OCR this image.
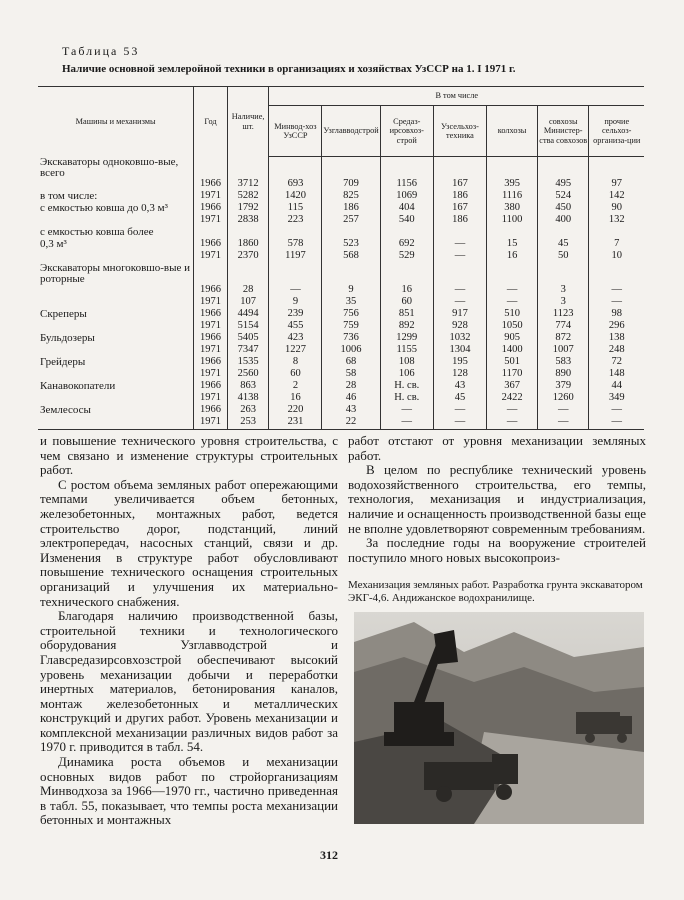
Таблица 53
Наличие основной землеройной техники в организациях и хозяйствах УзССР на 1. I 1971 г.
Машины и механизмы	Год	Наличие, шт.	В том числе						
			Минвод-хоз УзССР	Узглавводстрой	Средаз-ирсовхоз-строй	Узсельхоз-техника	колхозы	совхозы Министер-ства совхозов	прочие сельхоз-организа-ции
Экскаваторы одноковшо-вые, всего									
	1966	3712	693	709	1156	167	395	495	97
в том числе:	1971	5282	1420	825	1069	186	1116	524	142
с емкостью ковша до 0,3 м³	1966	1792	115	186	404	167	380	450	90
	1971	2838	223	257	540	186	1100	400	132
с емкостью ковша более									
0,3 м³	1966	1860	578	523	692	—	15	45	7
	1971	2370	1197	568	529	—	16	50	10
Экскаваторы многоковшо-вые и роторные									
	1966	28	—	9	16	—	—	3	—
	1971	107	9	35	60	—	—	3	—
Скреперы	1966	4494	239	756	851	917	510	1123	98
	1971	5154	455	759	892	928	1050	774	296
Бульдозеры	1966	5405	423	736	1299	1032	905	872	138
	1971	7347	1227	1006	1155	1304	1400	1007	248
Грейдеры	1966	1535	8	68	108	195	501	583	72
	1971	2560	60	58	106	128	1170	890	148
Канавокопатели	1966	863	2	28	Н. св.	43	367	379	44
	1971	4138	16	46	Н. св.	45	2422	1260	349
Землесосы	1966	263	220	43	—	—	—	—	—
	1971	253	231	22	—	—	—	—	—

и повышение технического уровня строительства, с чем связано и изменение структуры строительных работ.

С ростом объема земляных работ опережающими темпами увеличивается объем бетонных, железобетонных, монтажных работ, ведется строительство дорог, подстанций, линий электропередач, насосных станций, связи и др. Изменения в структуре работ обусловливают повышение технического оснащения строительных организаций и улучшения их материально-технического снабжения.

Благодаря наличию производственной базы, строительной техники и технологического оборудования Узглавводстрой и Главсредазирсовхозстрой обеспечивают высокий уровень механизации добычи и переработки инертных материалов, бетонирования каналов, монтаж железобетонных и металлических конструкций и других работ. Уровень механизации и комплексной механизации различных видов работ за 1970 г. приводится в табл. 54.

Динамика роста объемов и механизации основных видов работ по стройорганизациям Минводхоза за 1966—1970 гг., частично приведенная в табл. 55, показывает, что темпы роста механизации бетонных и монтажных

работ отстают от уровня механизации земляных работ.

В целом по республике технический уровень водохозяйственного строительства, его темпы, технология, механизация и индустриализация, наличие и оснащенность производственной базы еще не вполне удовлетворяют современным требованиям.

За последние годы на вооружение строителей поступило много новых высокопроиз-

Механизация земляных работ. Разработка грунта экскаватором ЭКГ-4,6. Андижанское водохранилище.
312
